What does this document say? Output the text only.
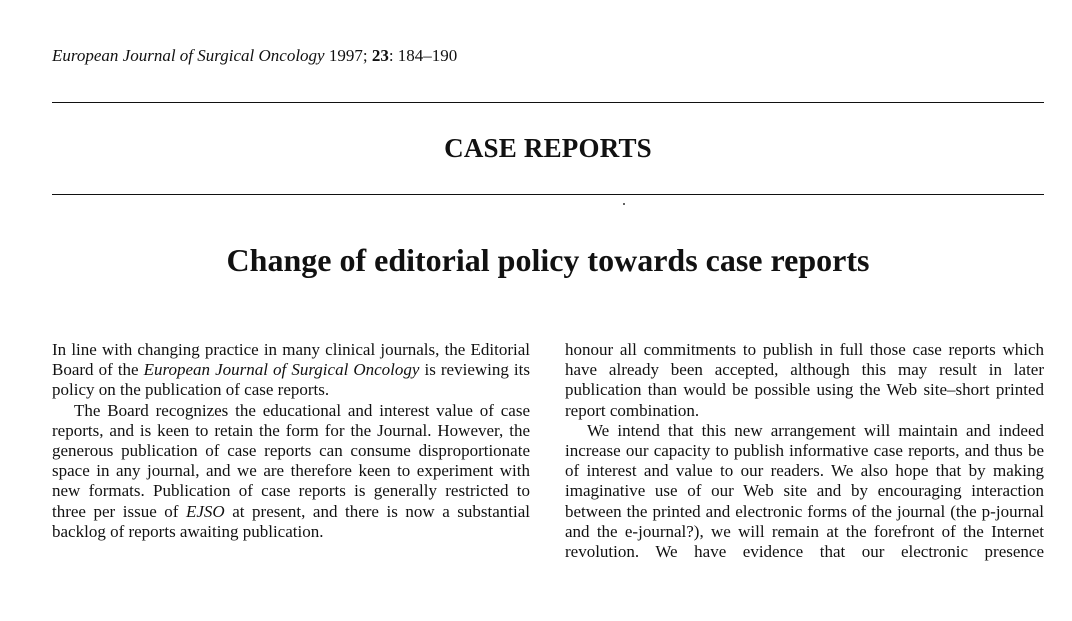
European Journal of Surgical Oncology 1997; 23: 184–190
CASE REPORTS
Change of editorial policy towards case reports

In line with changing practice in many clinical journals, the Editorial Board of the European Journal of Surgical Oncology is reviewing its policy on the publication of case reports.

The Board recognizes the educational and interest value of case reports, and is keen to retain the form for the Journal. However, the generous publication of case reports can consume disproportionate space in any journal, and we are therefore keen to experiment with new formats. Publication of case reports is generally restricted to three per issue of EJSO at present, and there is now a substantial backlog of reports awaiting publication.

honour all commitments to publish in full those case reports which have already been accepted, although this may result in later publication than would be possible using the Web site–short printed report combination.

We intend that this new arrangement will maintain and indeed increase our capacity to publish informative case reports, and thus be of interest and value to our readers. We also hope that by making imaginative use of our Web site and by encouraging interaction between the printed and electronic forms of the journal (the p-journal and the e-journal?), we will remain at the forefront of the Internet revolution. We have evidence that our electronic presence
